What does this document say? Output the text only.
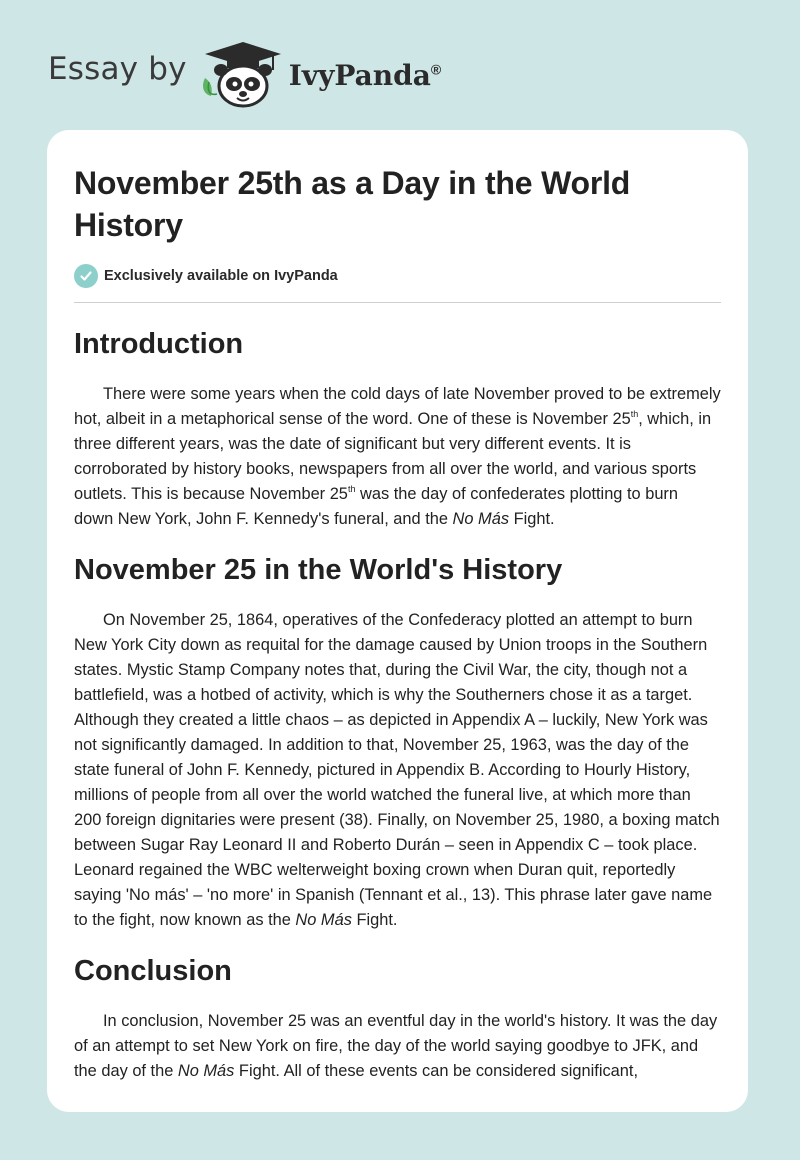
Essay by	IvyPanda®
November 25th as a Day in the World History
Exclusively available on IvyPanda
Introduction

There were some years when the cold days of late November proved to be extremely hot, albeit in a metaphorical sense of the word. One of these is November 25th, which, in three different years, was the date of significant but very different events. It is corroborated by history books, newspapers from all over the world, and various sports outlets. This is because November 25th was the day of confederates plotting to burn down New York, John F. Kennedy's funeral, and the No Más Fight.

November 25 in the World's History

On November 25, 1864, operatives of the Confederacy plotted an attempt to burn New York City down as requital for the damage caused by Union troops in the Southern states. Mystic Stamp Company notes that, during the Civil War, the city, though not a battlefield, was a hotbed of activity, which is why the Southerners chose it as a target. Although they created a little chaos – as depicted in Appendix A – luckily, New York was not significantly damaged. In addition to that, November 25, 1963, was the day of the state funeral of John F. Kennedy, pictured in Appendix B. According to Hourly History, millions of people from all over the world watched the funeral live, at which more than 200 foreign dignitaries were present (38). Finally, on November 25, 1980, a boxing match between Sugar Ray Leonard II and Roberto Durán – seen in Appendix C – took place. Leonard regained the WBC welterweight boxing crown when Duran quit, reportedly saying 'No más' – 'no more' in Spanish (Tennant et al., 13). This phrase later gave name to the fight, now known as the No Más Fight.

Conclusion

In conclusion, November 25 was an eventful day in the world's history. It was the day of an attempt to set New York on fire, the day of the world saying goodbye to JFK, and the day of the No Más Fight. All of these events can be considered significant,
